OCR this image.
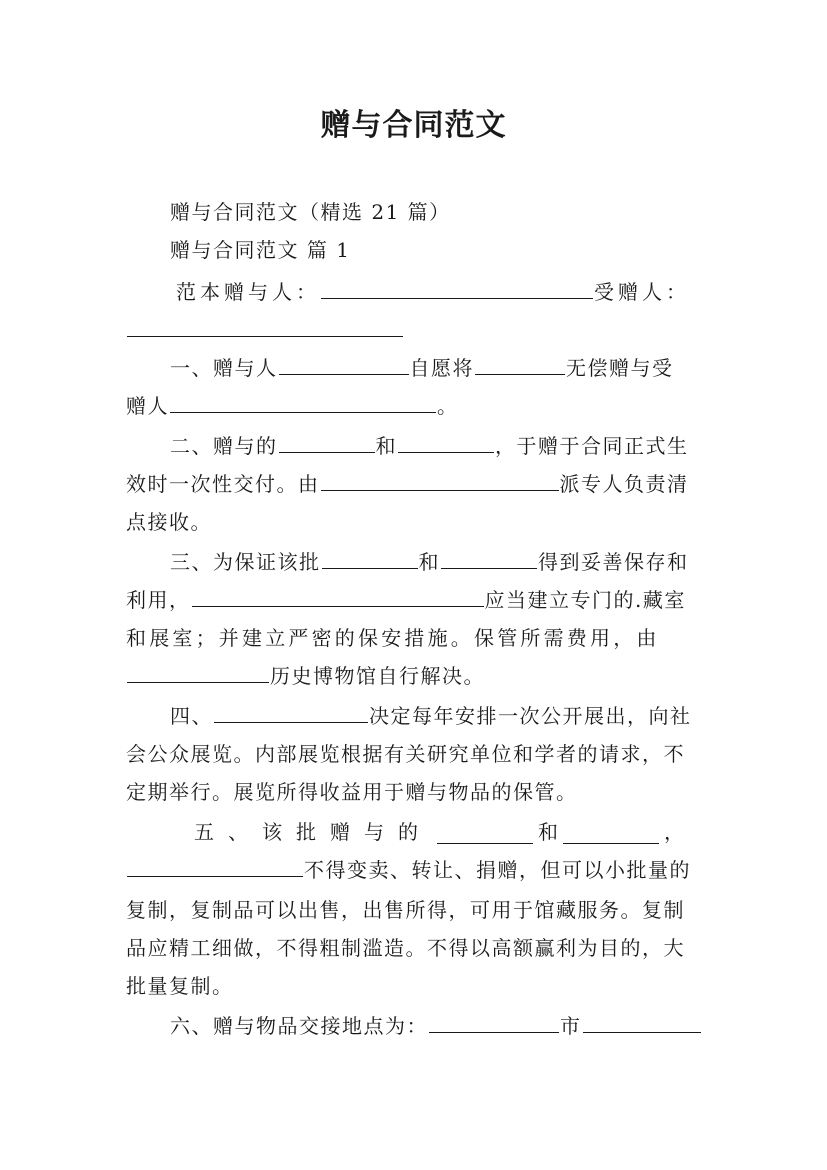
赠与合同范文
赠与合同范文（精选 21 篇）
赠与合同范文 篇 1
范本赠与人：	受赠人：
一、赠与人	自愿将	无偿赠与受
赠人	。
二、赠与的	和	，于赠于合同正式生
效时一次性交付。由	派专人负责清
点接收。
三、为保证该批	和	得到妥善保存和
利用，	应当建立专门的.藏室
和展室；并建立严密的保安措施。保管所需费用，由
历史博物馆自行解决。
四、	决定每年安排一次公开展出，向社
会公众展览。内部展览根据有关研究单位和学者的请求，不
定期举行。展览所得收益用于赠与物品的保管。
五、该批赠与的	和	，
不得变卖、转让、捐赠，但可以小批量的
复制，复制品可以出售，出售所得，可用于馆藏服务。复制
品应精工细做，不得粗制滥造。不得以高额赢利为目的，大
批量复制。
六、赠与物品交接地点为：	市
